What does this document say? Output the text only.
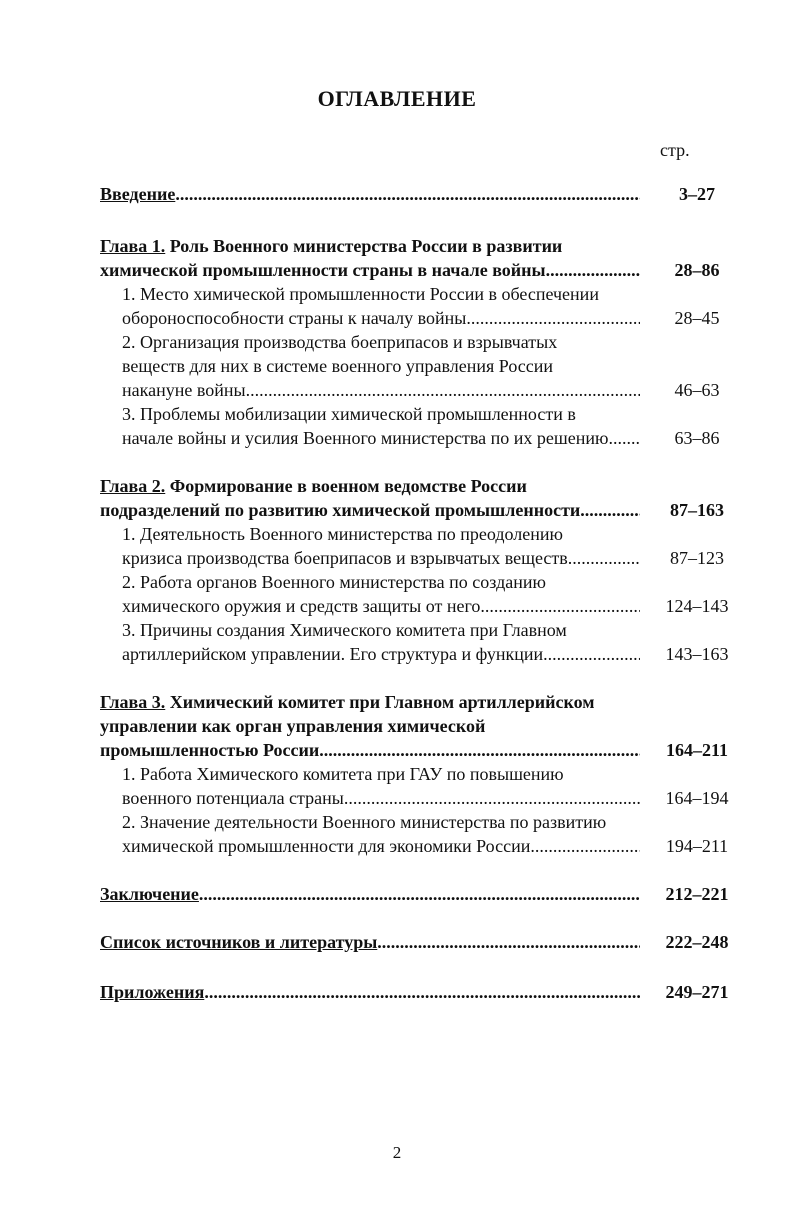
ОГЛАВЛЕНИЕ
стр.
Введение .....	3–27
Глава 1. Роль Военного министерства России в развитии
химической промышленности страны в начале войны .....	28–86
1. Место химической промышленности России в обеспечении
обороноспособности страны к началу войны .....	28–45
2. Организация производства боеприпасов и взрывчатых
веществ для них в системе военного управления России
накануне войны .....	46–63
3. Проблемы мобилизации химической промышленности в
начале войны и усилия Военного министерства по их решению .....	63–86
Глава 2. Формирование в военном ведомстве России
подразделений по развитию химической промышленности .....	87–163
1. Деятельность Военного министерства по преодолению
кризиса производства боеприпасов и взрывчатых веществ .....	87–123
2. Работа органов Военного министерства по созданию
химического оружия и средств защиты от него .....	124–143
3. Причины создания Химического комитета при Главном
артиллерийском управлении. Его структура и функции .....	143–163
Глава 3. Химический комитет при Главном артиллерийском
управлении как орган управления химической
промышленностью России .....	164–211
1. Работа Химического комитета при ГАУ по повышению
военного потенциала страны .....	164–194
2. Значение деятельности Военного министерства по развитию
химической промышленности для экономики России .....	194–211
Заключение .....	212–221
Список источников и литературы .....	222–248
Приложения .....	249–271
2
